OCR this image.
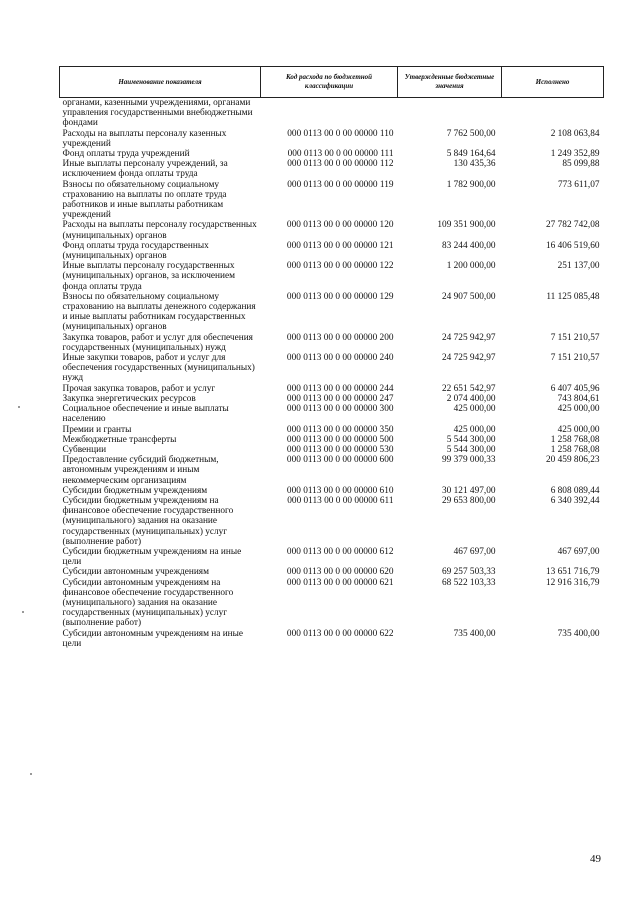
Наименование показателя	Код расхода по бюджетной классификации	Утвержденные бюджетные значения	Исполнено
органами, казенными учреждениями, органами управления государственными внебюджетными фондами			
Расходы на выплаты персоналу казенных учреждений	000 0113 00 0 00 00000 110	7 762 500,00	2 108 063,84
Фонд оплаты труда учреждений	000 0113 00 0 00 00000 111	5 849 164,64	1 249 352,89
Иные выплаты персоналу учреждений, за исключением фонда оплаты труда	000 0113 00 0 00 00000 112	130 435,36	85 099,88
Взносы по обязательному социальному страхованию на выплаты по оплате труда работников и иные выплаты работникам учреждений	000 0113 00 0 00 00000 119	1 782 900,00	773 611,07
Расходы на выплаты персоналу государственных (муниципальных) органов	000 0113 00 0 00 00000 120	109 351 900,00	27 782 742,08
Фонд оплаты труда государственных (муниципальных) органов	000 0113 00 0 00 00000 121	83 244 400,00	16 406 519,60
Иные выплаты персоналу государственных (муниципальных) органов, за исключением фонда оплаты труда	000 0113 00 0 00 00000 122	1 200 000,00	251 137,00
Взносы по обязательному социальному страхованию на выплаты денежного содержания и иные выплаты работникам государственных (муниципальных) органов	000 0113 00 0 00 00000 129	24 907 500,00	11 125 085,48
Закупка товаров, работ и услуг для обеспечения государственных (муниципальных) нужд	000 0113 00 0 00 00000 200	24 725 942,97	7 151 210,57
Иные закупки товаров, работ и услуг для обеспечения государственных (муниципальных) нужд	000 0113 00 0 00 00000 240	24 725 942,97	7 151 210,57
Прочая закупка товаров, работ и услуг	000 0113 00 0 00 00000 244	22 651 542,97	6 407 405,96
Закупка энергетических ресурсов	000 0113 00 0 00 00000 247	2 074 400,00	743 804,61
Социальное обеспечение и иные выплаты населению	000 0113 00 0 00 00000 300	425 000,00	425 000,00
Премии и гранты	000 0113 00 0 00 00000 350	425 000,00	425 000,00
Межбюджетные трансферты	000 0113 00 0 00 00000 500	5 544 300,00	1 258 768,08
Субвенции	000 0113 00 0 00 00000 530	5 544 300,00	1 258 768,08
Предоставление субсидий бюджетным, автономным учреждениям и иным некоммерческим организациям	000 0113 00 0 00 00000 600	99 379 000,33	20 459 806,23
Субсидии бюджетным учреждениям	000 0113 00 0 00 00000 610	30 121 497,00	6 808 089,44
Субсидии бюджетным учреждениям на финансовое обеспечение государственного (муниципального) задания на оказание государственных (муниципальных) услуг (выполнение работ)	000 0113 00 0 00 00000 611	29 653 800,00	6 340 392,44
Субсидии бюджетным учреждениям на иные цели	000 0113 00 0 00 00000 612	467 697,00	467 697,00
Субсидии автономным учреждениям	000 0113 00 0 00 00000 620	69 257 503,33	13 651 716,79
Субсидии автономным учреждениям на финансовое обеспечение государственного (муниципального) задания на оказание государственных (муниципальных) услуг (выполнение работ)	000 0113 00 0 00 00000 621	68 522 103,33	12 916 316,79
Субсидии автономным учреждениям на иные цели	000 0113 00 0 00 00000 622	735 400,00	735 400,00
49
